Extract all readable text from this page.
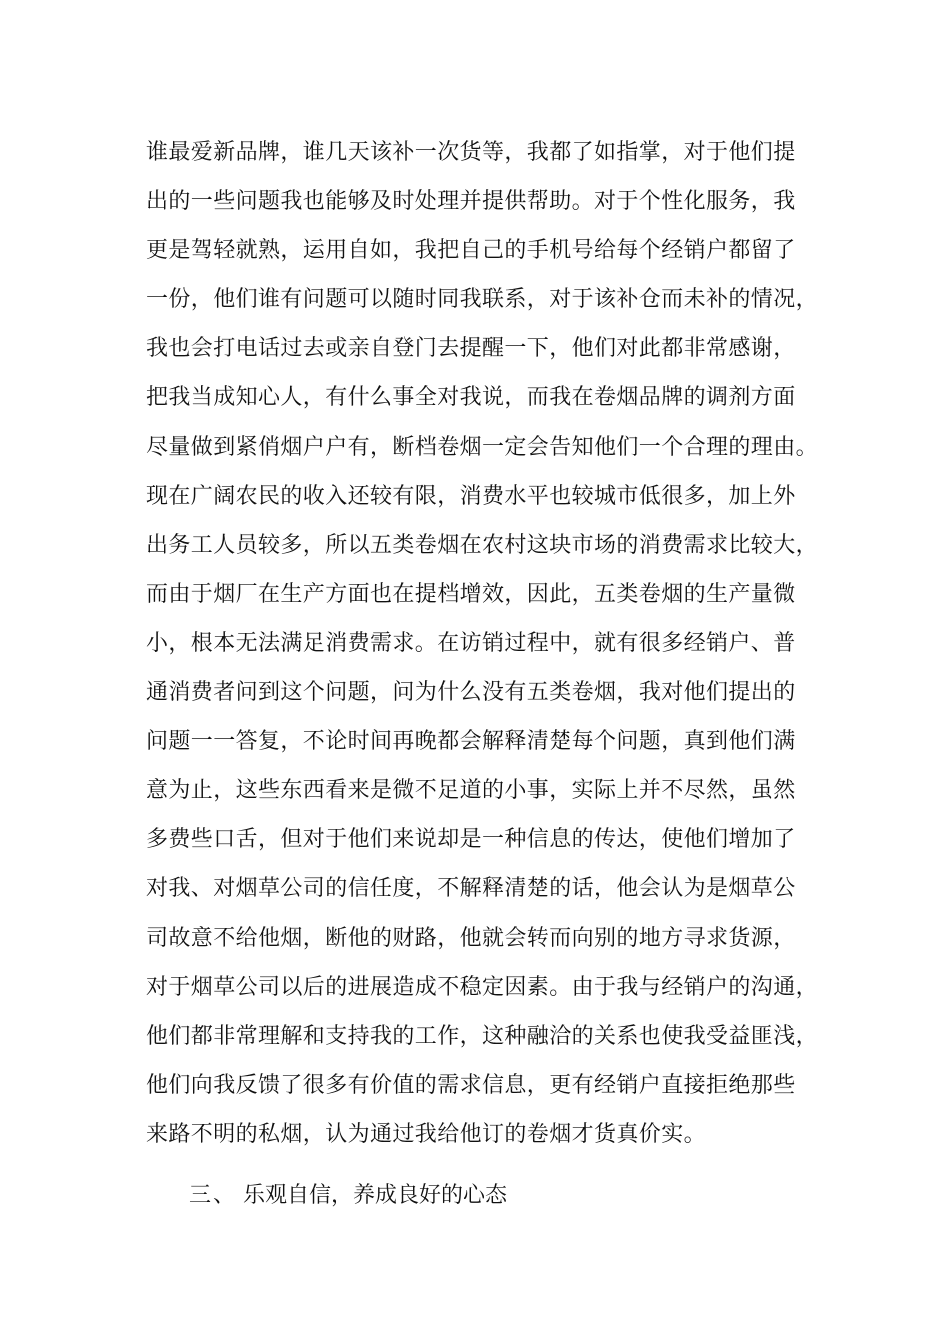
谁最爱新品牌，谁几天该补一次货等，我都了如指掌，对于他们提
出的一些问题我也能够及时处理并提供帮助。对于个性化服务，我
更是驾轻就熟，运用自如，我把自己的手机号给每个经销户都留了
一份，他们谁有问题可以随时同我联系，对于该补仓而未补的情况，
我也会打电话过去或亲自登门去提醒一下，他们对此都非常感谢，
把我当成知心人，有什么事全对我说，而我在卷烟品牌的调剂方面
尽量做到紧俏烟户户有，断档卷烟一定会告知他们一个合理的理由。
现在广阔农民的收入还较有限，消费水平也较城市低很多，加上外
出务工人员较多，所以五类卷烟在农村这块市场的消费需求比较大，
而由于烟厂在生产方面也在提档增效，因此，五类卷烟的生产量微
小，根本无法满足消费需求。在访销过程中，就有很多经销户、普
通消费者问到这个问题，问为什么没有五类卷烟，我对他们提出的
问题一一答复，不论时间再晚都会解释清楚每个问题，真到他们满
意为止，这些东西看来是微不足道的小事，实际上并不尽然，虽然
多费些口舌，但对于他们来说却是一种信息的传达，使他们增加了
对我、对烟草公司的信任度，不解释清楚的话，他会认为是烟草公
司故意不给他烟，断他的财路，他就会转而向别的地方寻求货源，
对于烟草公司以后的进展造成不稳定因素。由于我与经销户的沟通，
他们都非常理解和支持我的工作，这种融洽的关系也使我受益匪浅，
他们向我反馈了很多有价值的需求信息，更有经销户直接拒绝那些
来路不明的私烟，认为通过我给他订的卷烟才货真价实。
三、 乐观自信，养成良好的心态
